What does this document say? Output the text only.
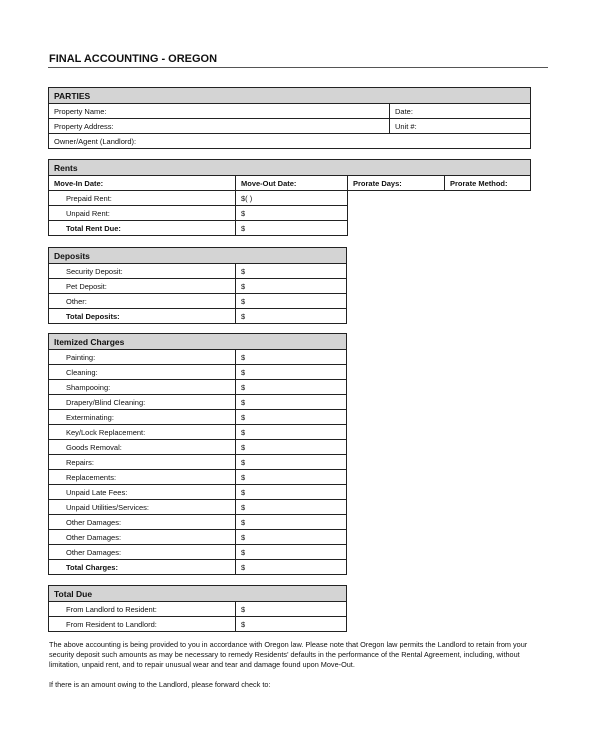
FINAL ACCOUNTING - OREGON
PARTIES	
Property Name:	Date:
Property Address:	Unit #:
Owner/Agent (Landlord):	
Rents			
Move-In Date:	Move-Out Date:	Prorate Days:	Prorate Method:
Prepaid Rent:	$( )		
Unpaid Rent:	$		
Total Rent Due:	$		
Deposits	
Security Deposit:	$
Pet Deposit:	$
Other:	$
Total Deposits:	$
Itemized Charges	
Painting:	$
Cleaning:	$
Shampooing:	$
Drapery/Blind Cleaning:	$
Exterminating:	$
Key/Lock Replacement:	$
Goods Removal:	$
Repairs:	$
Replacements:	$
Unpaid Late Fees:	$
Unpaid Utilities/Services:	$
Other Damages:	$
Other Damages:	$
Other Damages:	$
Total Charges:	$
Total Due	
From Landlord to Resident:	$
From Resident to Landlord:	$
The above accounting is being provided to you in accordance with Oregon law. Please note that Oregon law permits the Landlord to retain from your security deposit such amounts as may be necessary to remedy Residents' defaults in the performance of the Rental Agreement, including, without limitation, unpaid rent, and to repair unusual wear and tear and damage found upon Move-Out.
If there is an amount owing to the Landlord, please forward check to:
